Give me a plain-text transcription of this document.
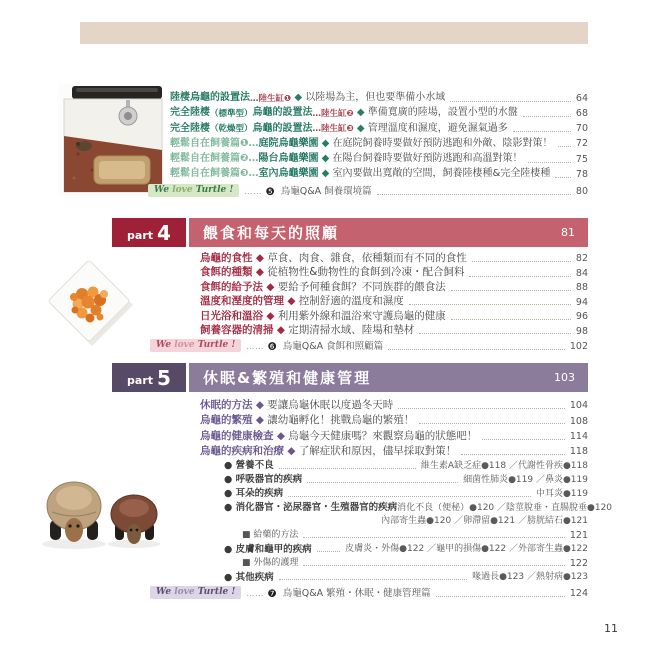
陸棲烏龜的設置法 …陸生缸❶ ◆ 以陸場為主，但也要準備小水域	64
完全陸棲 （標準型） 烏龜的設置法 …陸生缸❷ ◆ 準備寬廣的陸場，設置小型的水盤	68
完全陸棲 （乾燥型） 烏龜的設置法 …陸生缸❸ ◆ 管理溫度和濕度，避免濕氣過多	70
輕鬆自在飼養篇❶ … 庭院烏龜樂園 ◆ 在庭院飼養時要做好預防逃跑和外敵、陰影對策！ 72
輕鬆自在飼養篇❷ … 陽台烏龜樂園 ◆ 在陽台飼養時要做好預防逃跑和高溫對策！	75
輕鬆自在飼養篇❸ … 室內烏龜樂園 ◆ 室內要做出寬敞的空間，飼養陸棲種&完全陸棲種	78
We love Turtle !	…… ❺ 烏龜Q&A 飼養環境篇	80
part 4	餵食和每天的照顧	81
烏龜的食性 ◆ 草食、肉食、雜食，依種類而有不同的食性	82
食餌的種類 ◆ 從植物性&動物性的食餌到冷凍・配合飼料	84
食餌的給予法 ◆ 要給予何種食餌？不同族群的餵食法	88
溫度和溼度的管理 ◆ 控制舒適的溫度和濕度	94
日光浴和溫浴 ◆ 利用紫外線和溫浴來守護烏龜的健康	96
飼養容器的清掃 ◆ 定期清掃水域、陸場和墊材	98
We love Turtle !	…… ❻ 烏龜Q&A 食餌和照顧篇	102
part 5	休眠&繁殖和健康管理	103
休眠的方法 ◆ 要讓烏龜休眠以度過冬天時	104
烏龜的繁殖 ◆ 讓幼龜孵化！挑戰烏龜的繁殖！	108
烏龜的健康檢查 ◆ 烏龜今天健康嗎？來觀察烏龜的狀態吧！	114
烏龜的疾病和治療 ◆ 了解症狀和原因，儘早採取對策！	118
● 營養不良	維生素A缺乏症●118 ／代謝性骨疾●118
● 呼吸器官的疾病	細菌性肺炎●119 ／鼻炎●119
● 耳朵的疾病	中耳炎●119
● 消化器官・泌尿器官・生殖器官的疾病 消化不良（便秘）●120 ／陰莖脫垂・直腸脫垂●120
內部寄生蟲●120 ／卵滯留●121 ／膀胱結石●121
■ 給藥的方法	121
● 皮膚和龜甲的疾病	皮膚炎・外傷●122 ／龜甲的損傷●122 ／外部寄生蟲●122
■ 外傷的護理	122
● 其他疾病	喙過長●123 ／熱射病●123
We love Turtle !	…… ❼ 烏龜Q&A 繁殖・休眠・健康管理篇	124
11
